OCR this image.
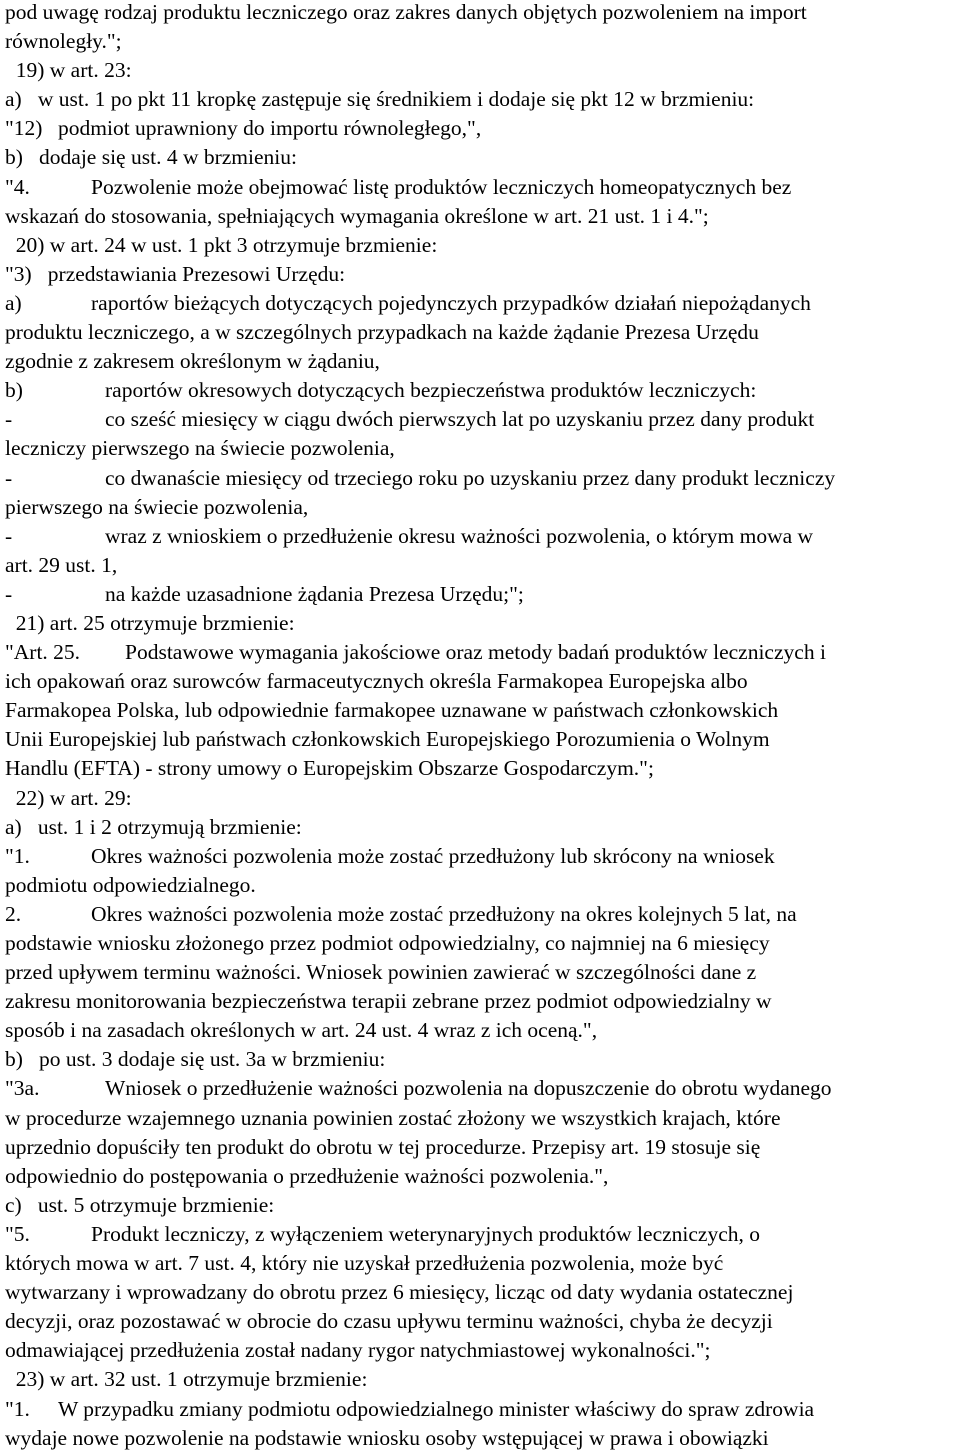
pod uwagę rodzaj produktu leczniczego oraz zakres danych objętych pozwoleniem na import
równoległy.";
19) w art. 23:
a)   w ust. 1 po pkt 11 kropkę zastępuje się średnikiem i dodaje się pkt 12 w brzmieniu:
"12) podmiot uprawniony do importu równoległego,",
b)   dodaje się ust. 4 w brzmieniu:
"4.	Pozwolenie może obejmować listę produktów leczniczych homeopatycznych bez
wskazań do stosowania, spełniających wymagania określone w art. 21 ust. 1 i 4.";
20) w art. 24 w ust. 1 pkt 3 otrzymuje brzmienie:
"3)   przedstawiania Prezesowi Urzędu:
a)	raportów bieżących dotyczących pojedynczych przypadków działań niepożądanych
produktu leczniczego, a w szczególnych przypadkach na każde żądanie Prezesa Urzędu
zgodnie z zakresem określonym w żądaniu,
b)	raportów okresowych dotyczących bezpieczeństwa produktów leczniczych:
-	co sześć miesięcy w ciągu dwóch pierwszych lat po uzyskaniu przez dany produkt
leczniczy pierwszego na świecie pozwolenia,
-	co dwanaście miesięcy od trzeciego roku po uzyskaniu przez dany produkt leczniczy
pierwszego na świecie pozwolenia,
-	wraz z wnioskiem o przedłużenie okresu ważności pozwolenia, o którym mowa w
art. 29 ust. 1,
-	na każde uzasadnione żądania Prezesa Urzędu;";
21) art. 25 otrzymuje brzmienie:
"Art. 25. Podstawowe wymagania jakościowe oraz metody badań produktów leczniczych i
ich opakowań oraz surowców farmaceutycznych określa Farmakopea Europejska albo
Farmakopea Polska, lub odpowiednie farmakopee uznawane w państwach członkowskich
Unii Europejskiej lub państwach członkowskich Europejskiego Porozumienia o Wolnym
Handlu (EFTA) - strony umowy o Europejskim Obszarze Gospodarczym.";
22) w art. 29:
a)   ust. 1 i 2 otrzymują brzmienie:
"1.	Okres ważności pozwolenia może zostać przedłużony lub skrócony na wniosek
podmiotu odpowiedzialnego.
2.	Okres ważności pozwolenia może zostać przedłużony na okres kolejnych 5 lat, na
podstawie wniosku złożonego przez podmiot odpowiedzialny, co najmniej na 6 miesięcy
przed upływem terminu ważności. Wniosek powinien zawierać w szczególności dane z
zakresu monitorowania bezpieczeństwa terapii zebrane przez podmiot odpowiedzialny w
sposób i na zasadach określonych w art. 24 ust. 4 wraz z ich oceną.",
b)   po ust. 3 dodaje się ust. 3a w brzmieniu:
"3a.	Wniosek o przedłużenie ważności pozwolenia na dopuszczenie do obrotu wydanego
w procedurze wzajemnego uznania powinien zostać złożony we wszystkich krajach, które
uprzednio dopuściły ten produkt do obrotu w tej procedurze. Przepisy art. 19 stosuje się
odpowiednio do postępowania o przedłużenie ważności pozwolenia.",
c)   ust. 5 otrzymuje brzmienie:
"5.	Produkt leczniczy, z wyłączeniem weterynaryjnych produktów leczniczych, o
których mowa w art. 7 ust. 4, który nie uzyskał przedłużenia pozwolenia, może być
wytwarzany i wprowadzany do obrotu przez 6 miesięcy, licząc od daty wydania ostatecznej
decyzji, oraz pozostawać w obrocie do czasu upływu terminu ważności, chyba że decyzji
odmawiającej przedłużenia został nadany rygor natychmiastowej wykonalności.";
23) w art. 32 ust. 1 otrzymuje brzmienie:
"1. W przypadku zmiany podmiotu odpowiedzialnego minister właściwy do spraw zdrowia
wydaje nowe pozwolenie na podstawie wniosku osoby wstępującej w prawa i obowiązki
